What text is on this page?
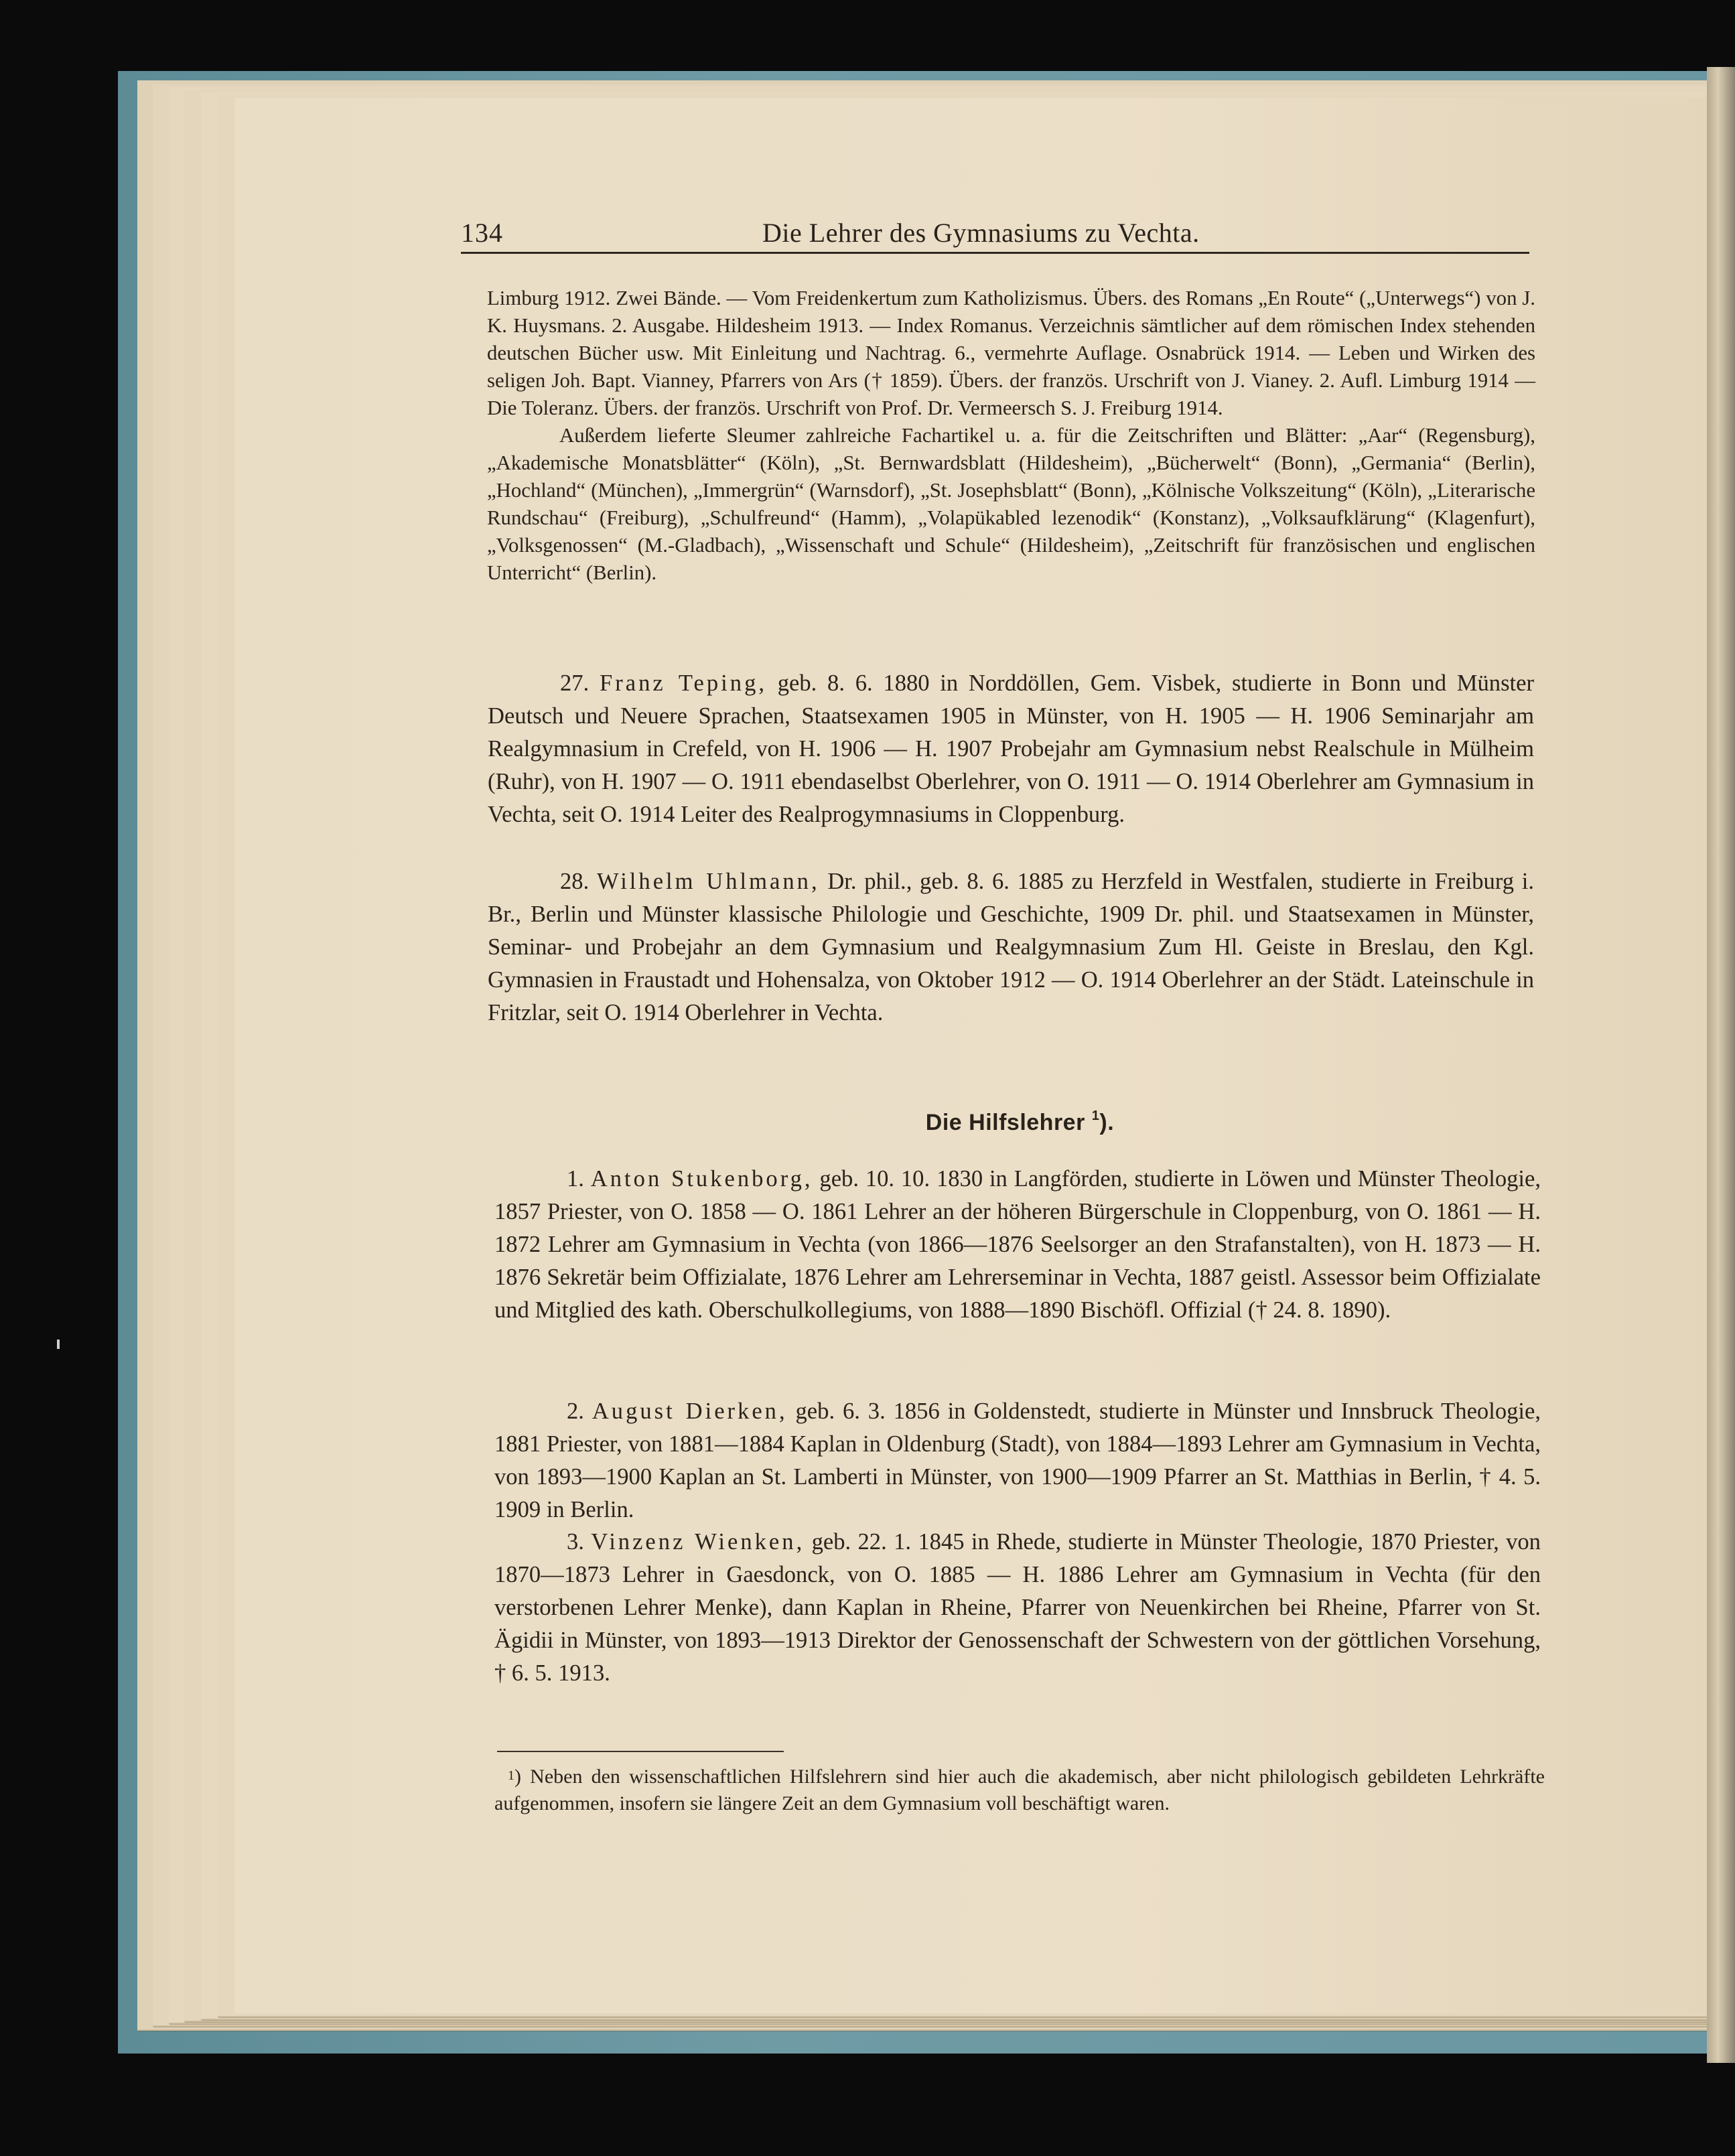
134	Die Lehrer des Gymnasiums zu Vechta.

Limburg 1912. Zwei Bände. — Vom Freidenkertum zum Katholizismus. Übers. des Romans „En Route“ („Unterwegs“) von J. K. Huysmans. 2. Ausgabe. Hildesheim 1913. — Index Romanus. Verzeichnis sämtlicher auf dem römischen Index stehenden deutschen Bücher usw. Mit Einleitung und Nachtrag. 6., vermehrte Auflage. Osnabrück 1914. — Leben und Wirken des seligen Joh. Bapt. Vianney, Pfarrers von Ars († 1859). Übers. der französ. Urschrift von J. Vianey. 2. Aufl. Limburg 1914 — Die Toleranz. Übers. der französ. Urschrift von Prof. Dr. Vermeersch S. J. Freiburg 1914.

Außerdem lieferte Sleumer zahlreiche Fachartikel u. a. für die Zeitschriften und Blätter: „Aar“ (Regensburg), „Akademische Monatsblätter“ (Köln), „St. Bernwardsblatt (Hildesheim), „Bücherwelt“ (Bonn), „Germania“ (Berlin), „Hochland“ (München), „Immergrün“ (Warnsdorf), „St. Josephsblatt“ (Bonn), „Kölnische Volkszeitung“ (Köln), „Literarische Rundschau“ (Freiburg), „Schulfreund“ (Hamm), „Volapükabled lezenodik“ (Konstanz), „Volksaufklärung“ (Klagenfurt), „Volksgenossen“ (M.-Gladbach), „Wissenschaft und Schule“ (Hildesheim), „Zeitschrift für französischen und englischen Unterricht“ (Berlin).

27. Franz Teping, geb. 8. 6. 1880 in Norddöllen, Gem. Visbek, studierte in Bonn und Münster Deutsch und Neuere Sprachen, Staatsexamen 1905 in Münster, von H. 1905 — H. 1906 Seminarjahr am Realgymnasium in Crefeld, von H. 1906 — H. 1907 Probejahr am Gymnasium nebst Realschule in Mülheim (Ruhr), von H. 1907 — O. 1911 ebendaselbst Oberlehrer, von O. 1911 — O. 1914 Oberlehrer am Gymnasium in Vechta, seit O. 1914 Leiter des Realprogymnasiums in Cloppenburg.

28. Wilhelm Uhlmann, Dr. phil., geb. 8. 6. 1885 zu Herzfeld in Westfalen, studierte in Freiburg i. Br., Berlin und Münster klassische Philologie und Geschichte, 1909 Dr. phil. und Staatsexamen in Münster, Seminar- und Probejahr an dem Gymnasium und Realgymnasium Zum Hl. Geiste in Breslau, den Kgl. Gymnasien in Fraustadt und Hohensalza, von Oktober 1912 — O. 1914 Oberlehrer an der Städt. Lateinschule in Fritzlar, seit O. 1914 Oberlehrer in Vechta.

Die Hilfslehrer $^1$).

1. Anton Stukenborg, geb. 10. 10. 1830 in Langförden, studierte in Löwen und Münster Theologie, 1857 Priester, von O. 1858 — O. 1861 Lehrer an der höheren Bürgerschule in Cloppenburg, von O. 1861 — H. 1872 Lehrer am Gymnasium in Vechta (von 1866—1876 Seelsorger an den Strafanstalten), von H. 1873 — H. 1876 Sekretär beim Offizialate, 1876 Lehrer am Lehrerseminar in Vechta, 1887 geistl. Assessor beim Offizialate und Mitglied des kath. Oberschulkollegiums, von 1888—1890 Bischöfl. Offizial († 24. 8. 1890).

2. August Dierken, geb. 6. 3. 1856 in Goldenstedt, studierte in Münster und Innsbruck Theologie, 1881 Priester, von 1881—1884 Kaplan in Oldenburg (Stadt), von 1884—1893 Lehrer am Gymnasium in Vechta, von 1893—1900 Kaplan an St. Lamberti in Münster, von 1900—1909 Pfarrer an St. Matthias in Berlin, † 4. 5. 1909 in Berlin.

3. Vinzenz Wienken, geb. 22. 1. 1845 in Rhede, studierte in Münster Theologie, 1870 Priester, von 1870—1873 Lehrer in Gaesdonck, von O. 1885 — H. 1886 Lehrer am Gymnasium in Vechta (für den verstorbenen Lehrer Menke), dann Kaplan in Rheine, Pfarrer von Neuenkirchen bei Rheine, Pfarrer von St. Ägidii in Münster, von 1893—1913 Direktor der Genossenschaft der Schwestern von der göttlichen Vorsehung, † 6. 5. 1913.

$^1$) Neben den wissenschaftlichen Hilfslehrern sind hier auch die akademisch, aber nicht philologisch gebildeten Lehrkräfte aufgenommen, insofern sie längere Zeit an dem Gymnasium voll beschäftigt waren.
